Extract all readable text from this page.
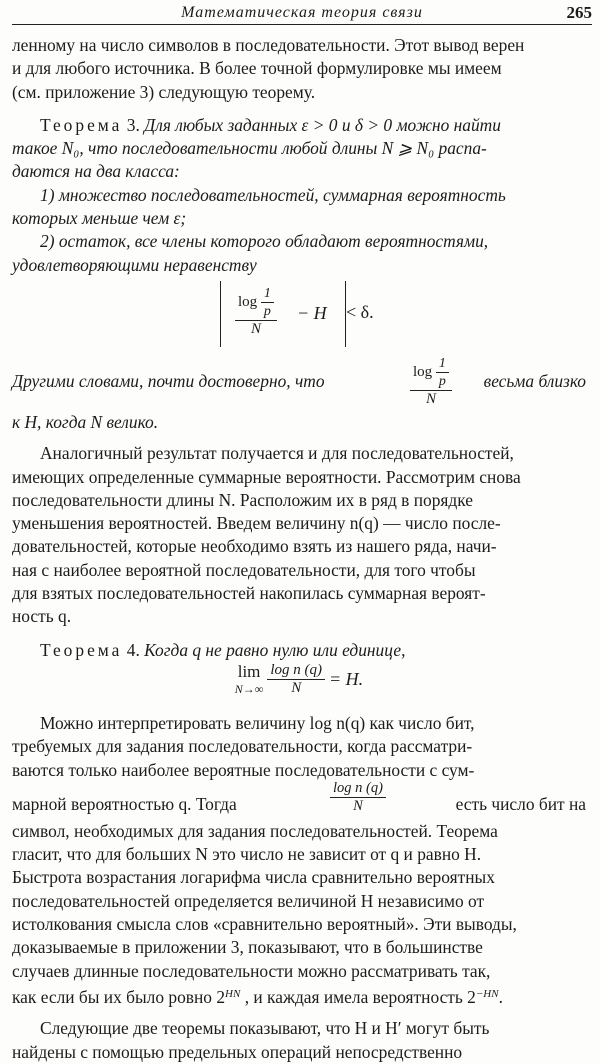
Математическая теория связи	265

ленному на число символов в последовательности. Этот вывод верен

и для любого источника. В более точной формулировке мы имеем

(см. приложение 3) следующую теорему.

Теорема 3. Для любых заданных ε > 0 и δ > 0 можно найти

такое N₀, что последовательности любой длины N ⩾ N₀ распа-

даются на два класса:

1) множество последовательностей, суммарная вероятность

которых меньше чем ε;

2) остаток, все члены которого обладают вероятностями,

удовлетворяющими неравенству

$\frac{\log \frac{1}{p}}{N} - H < \delta$.
Другими словами, почти достоверно, что	$\frac{\log \frac{1}{p}}{N}$ весьма близко

к H, когда N велико.

Аналогичный результат получается и для последовательностей,

имеющих определенные суммарные вероятности. Рассмотрим снова

последовательности длины N. Расположим их в ряд в порядке

уменьшения вероятностей. Введем величину n(q) — число после-

довательностей, которые необходимо взять из нашего ряда, начи-

ная с наиболее вероятной последовательности, для того чтобы

для взятых последовательностей накопилась суммарная вероят-

ность q.

Теорема 4. Когда q не равно нулю или единице,

lim
N→∞
$\frac{\text{log n (q)}}{N} = H$.

Можно интерпретировать величину log n(q) как число бит,

требуемых для задания последовательности, когда рассматри-

ваются только наиболее вероятные последовательности с сум-

марной вероятностью q. Тогда	$\frac{\text{log n (q)}}{N}$	есть число бит на

символ, необходимых для задания последовательностей. Теорема

гласит, что для больших N это число не зависит от q и равно H.

Быстрота возрастания логарифма числа сравнительно вероятных

последовательностей определяется величиной H независимо от

истолкования смысла слов «сравнительно вероятный». Эти выводы,

доказываемые в приложении 3, показывают, что в большинстве

случаев длинные последовательности можно рассматривать так,

как если бы их было ровно $2^{HN}$ , и каждая имела вероятность $2^{-HN}$.

Следующие две теоремы показывают, что H и H′ могут быть

найдены с помощью предельных операций непосредственно
